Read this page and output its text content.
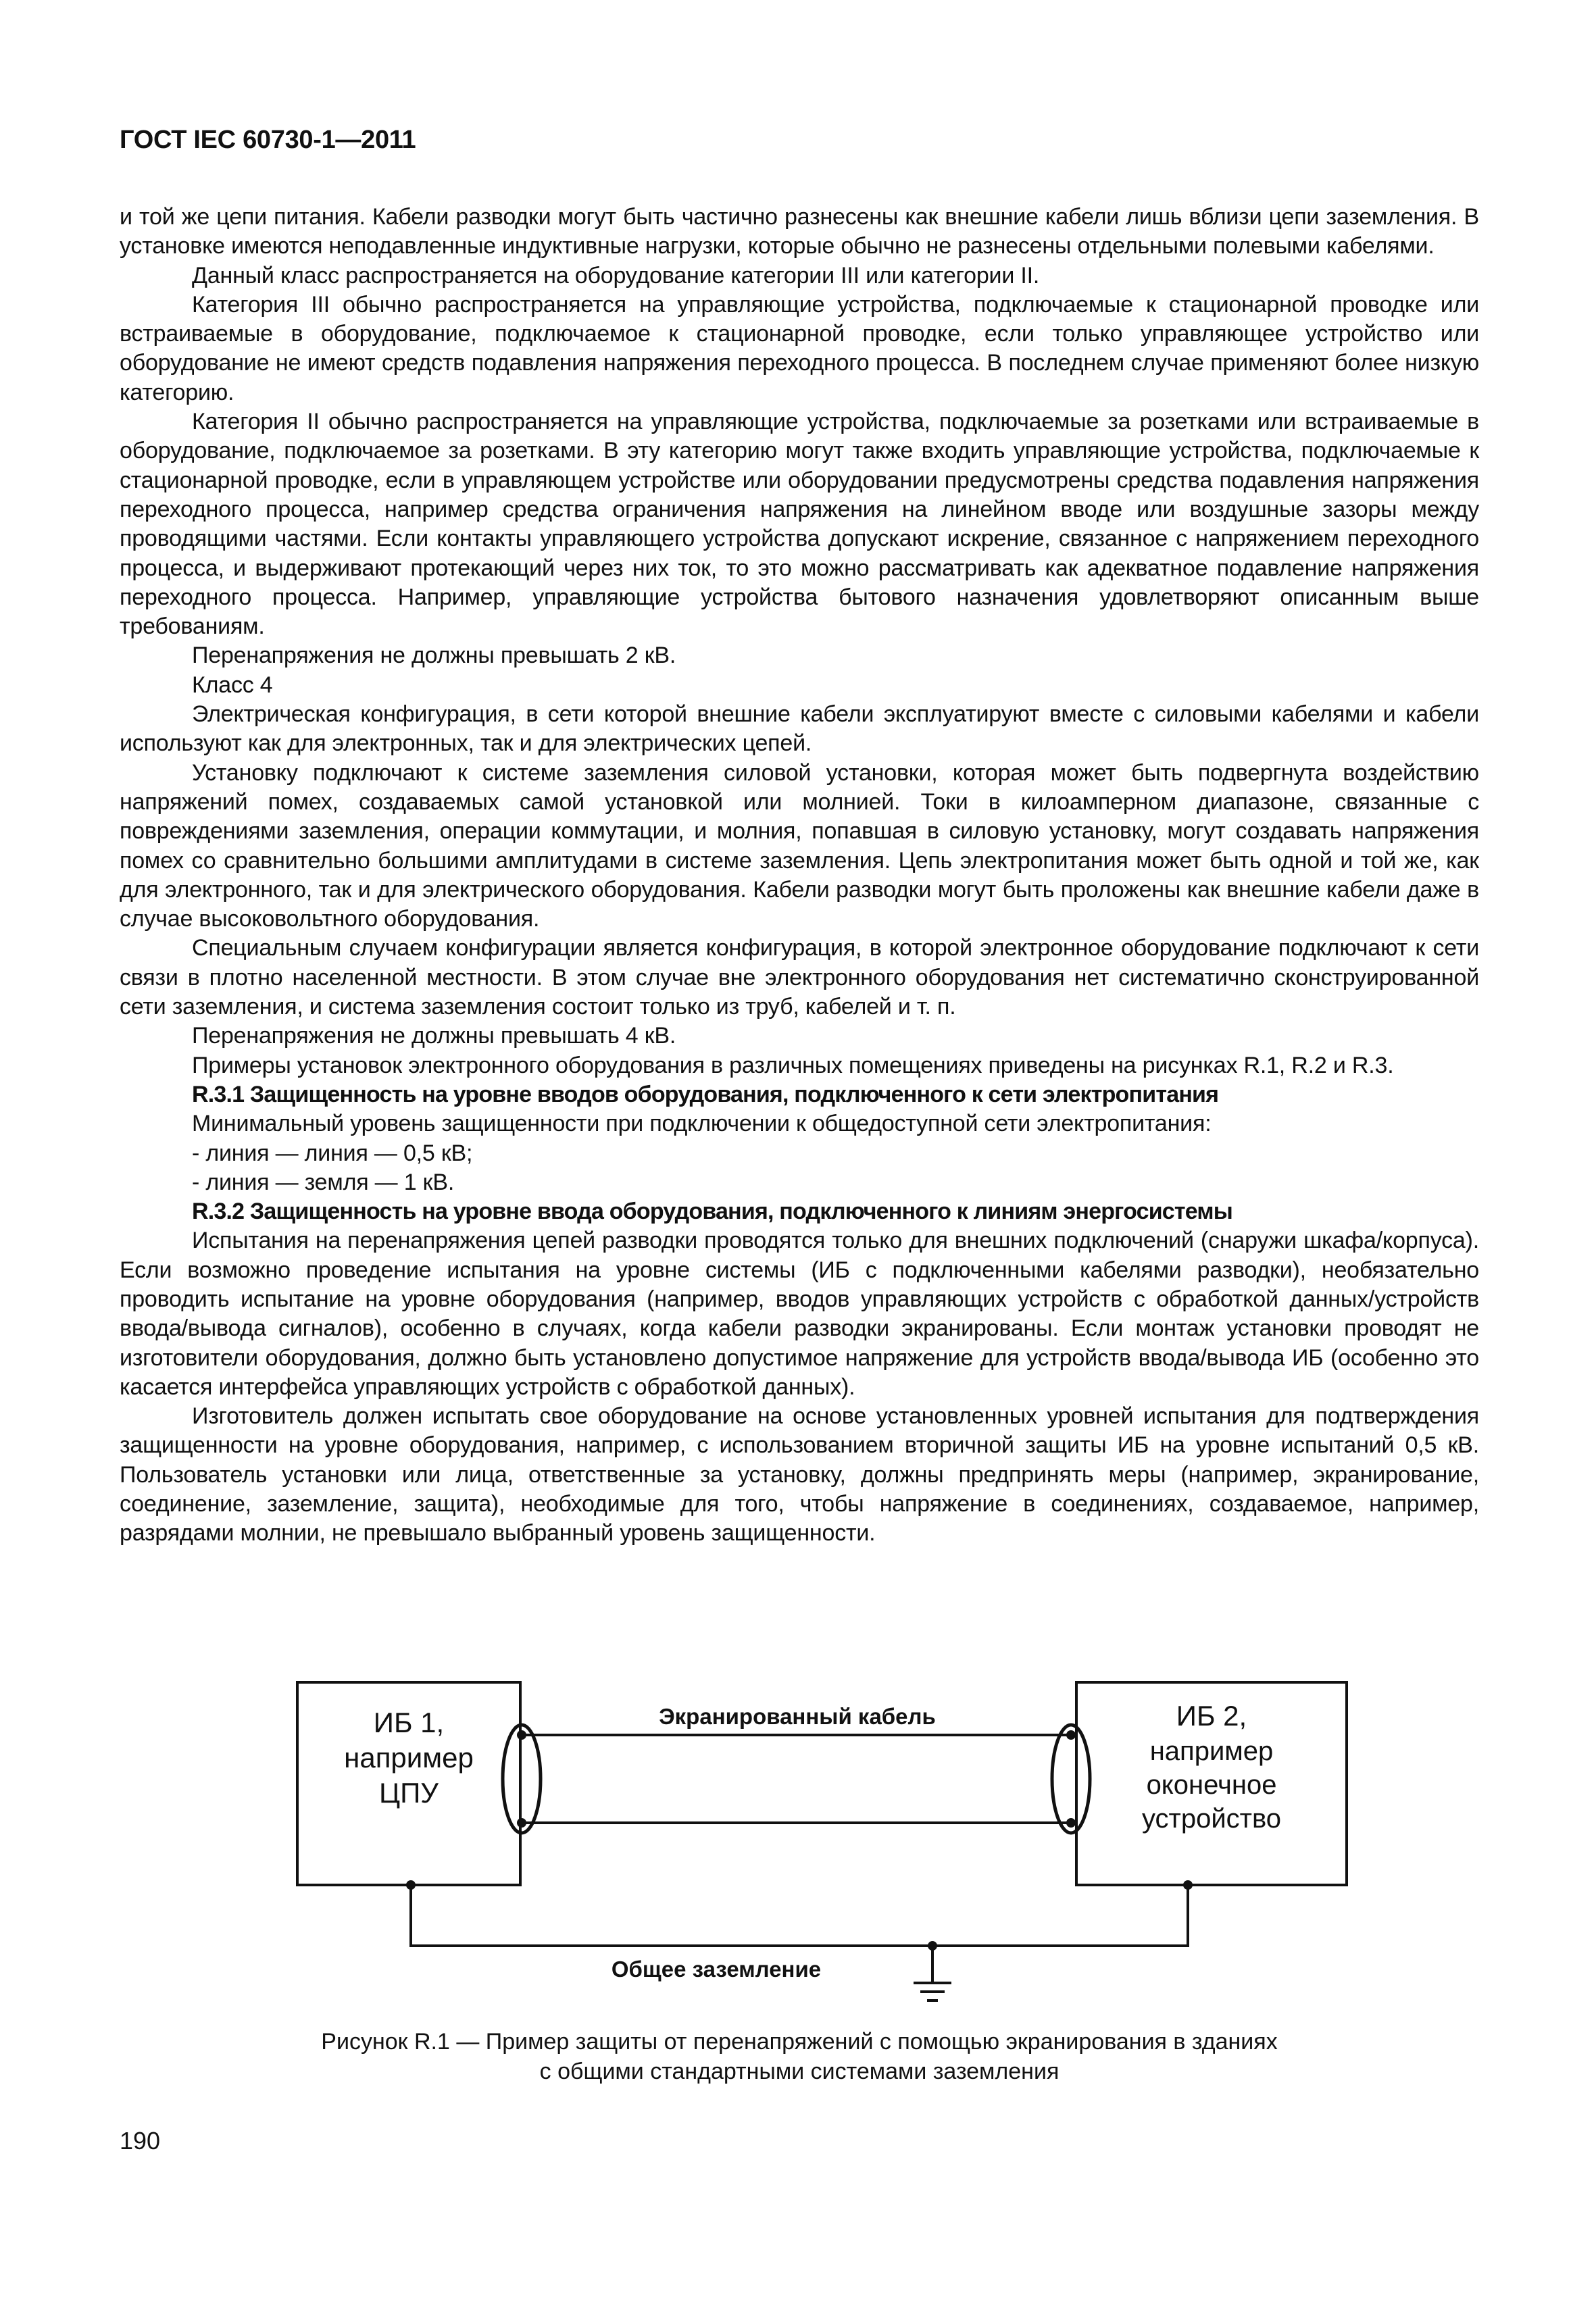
ГОСТ IEC 60730-1—2011

и той же цепи питания. Кабели разводки могут быть частично разнесены как внешние кабели лишь вблизи цепи заземления. В установке имеются неподавленные индуктивные нагрузки, которые обычно не разнесены отдельными полевыми кабелями.

Данный класс распространяется на оборудование категории III или категории II.

Категория III обычно распространяется на управляющие устройства, подключаемые к стационарной проводке или встраиваемые в оборудование, подключаемое к стационарной проводке, если только управляющее устройство или оборудование не имеют средств подавления напряжения переходного процесса. В последнем случае применяют более низкую категорию.

Категория II обычно распространяется на управляющие устройства, подключаемые за розетками или встраиваемые в оборудование, подключаемое за розетками. В эту категорию могут также входить управляющие устройства, подключаемые к стационарной проводке, если в управляющем устройстве или оборудовании предусмотрены средства подавления напряжения переходного процесса, например средства ограничения напряжения на линейном вводе или воздушные зазоры между проводящими частями. Если контакты управляющего устройства допускают искрение, связанное с напряжением переходного процесса, и выдерживают протекающий через них ток, то это можно рассматривать как адекватное подавление напряжения переходного процесса. Например, управляющие устройства бытового назначения удовлетворяют описанным выше требованиям.

Перенапряжения не должны превышать 2 кВ.

Класс 4

Электрическая конфигурация, в сети которой внешние кабели эксплуатируют вместе с силовыми кабелями и кабели используют как для электронных, так и для электрических цепей.

Установку подключают к системе заземления силовой установки, которая может быть подвергнута воздействию напряжений помех, создаваемых самой установкой или молнией. Токи в килоамперном диапазоне, связанные с повреждениями заземления, операции коммутации, и молния, попавшая в силовую установку, могут создавать напряжения помех со сравнительно большими амплитудами в системе заземления. Цепь электропитания может быть одной и той же, как для электронного, так и для электрического оборудования. Кабели разводки могут быть проложены как внешние кабели даже в случае высоковольтного оборудования.

Специальным случаем конфигурации является конфигурация, в которой электронное оборудование подключают к сети связи в плотно населенной местности. В этом случае вне электронного оборудования нет систематично сконструированной сети заземления, и система заземления состоит только из труб, кабелей и т. п.

Перенапряжения не должны превышать 4 кВ.

Примеры установок электронного оборудования в различных помещениях приведены на рисунках R.1, R.2 и R.3.

R.3.1 Защищенность на уровне вводов оборудования, подключенного к сети электропитания

Минимальный уровень защищенности при подключении к общедоступной сети электропитания:

- линия — линия — 0,5 кВ;

- линия — земля — 1 кВ.

R.3.2 Защищенность на уровне ввода оборудования, подключенного к линиям энергосистемы

Испытания на перенапряжения цепей разводки проводятся только для внешних подключений (снаружи шкафа/корпуса). Если возможно проведение испытания на уровне системы (ИБ с подключенными кабелями разводки), необязательно проводить испытание на уровне оборудования (например, вводов управляющих устройств с обработкой данных/устройств ввода/вывода сигналов), особенно в случаях, когда кабели разводки экранированы. Если монтаж установки проводят не изготовители оборудования, должно быть установлено допустимое напряжение для устройств ввода/вывода ИБ (особенно это касается интерфейса управляющих устройств с обработкой данных).

Изготовитель должен испытать свое оборудование на основе установленных уровней испытания для подтверждения защищенности на уровне оборудования, например, с использованием вторичной защиты ИБ на уровне испытаний 0,5 кВ. Пользователь установки или лица, ответственные за установку, должны предпринять меры (например, экранирование, соединение, заземление, защита), необходимые для того, чтобы напряжение в соединениях, создаваемое, например, разрядами молнии, не превышало выбранный уровень защищенности.

ИБ 1,
например
ЦПУ
ИБ 2,
например
оконечное
устройство
Экранированный кабель
Общее заземление
Рисунок R.1 — Пример защиты от перенапряжений с помощью экранирования в зданиях
с общими стандартными системами заземления
190
